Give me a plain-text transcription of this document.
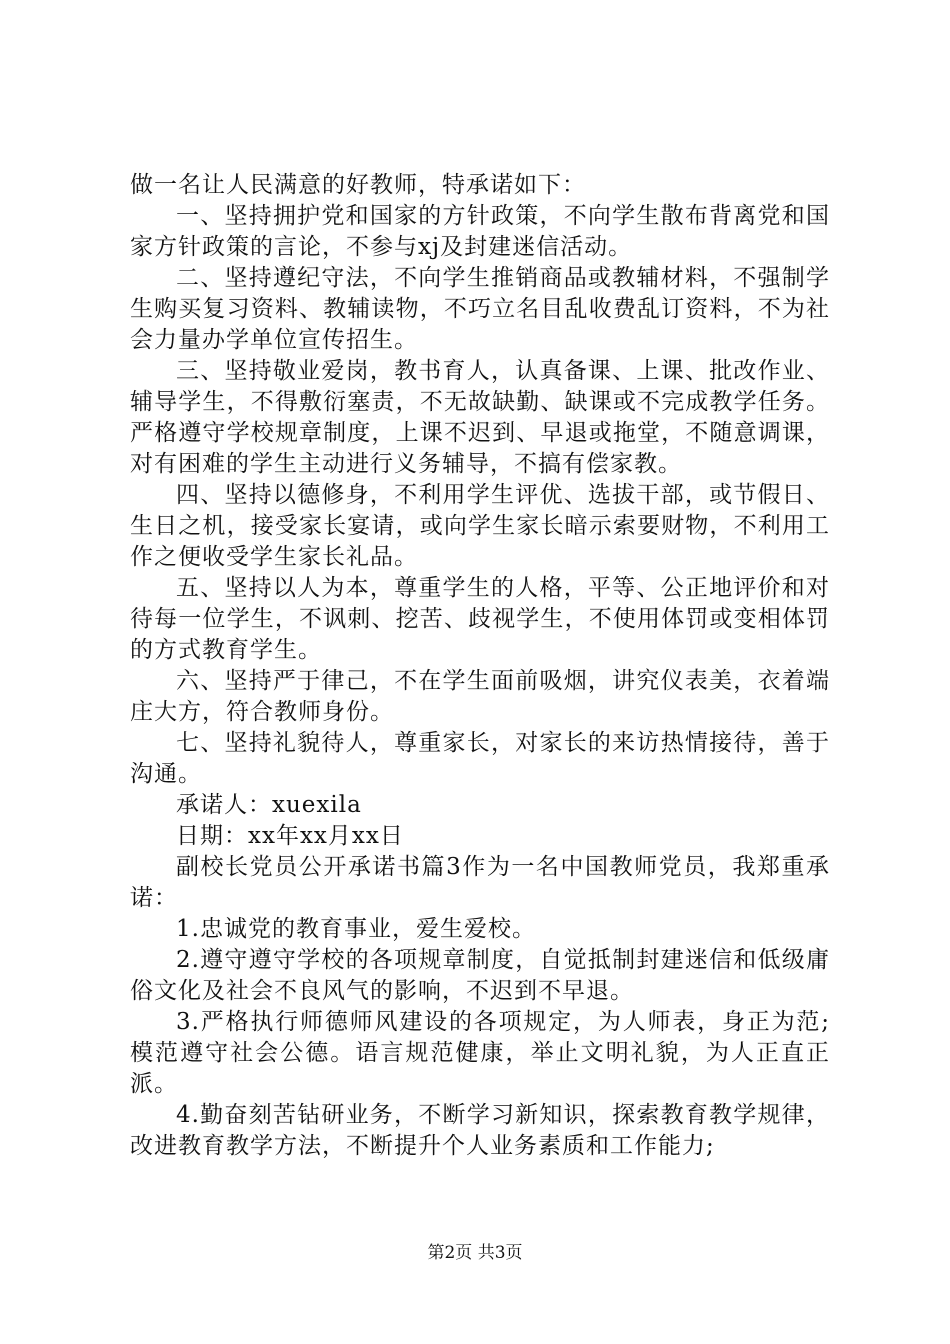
做一名让人民满意的好教师，特承诺如下：

一、坚持拥护党和国家的方针政策，不向学生散布背离党和国家方针政策的言论，不参与xj及封建迷信活动。

二、坚持遵纪守法，不向学生推销商品或教辅材料，不强制学生购买复习资料、教辅读物，不巧立名目乱收费乱订资料，不为社会力量办学单位宣传招生。

三、坚持敬业爱岗，教书育人，认真备课、上课、批改作业、辅导学生，不得敷衍塞责，不无故缺勤、缺课或不完成教学任务。严格遵守学校规章制度，上课不迟到、早退或拖堂，不随意调课，对有困难的学生主动进行义务辅导，不搞有偿家教。

四、坚持以德修身，不利用学生评优、选拔干部，或节假日、生日之机，接受家长宴请，或向学生家长暗示索要财物，不利用工作之便收受学生家长礼品。

五、坚持以人为本，尊重学生的人格，平等、公正地评价和对待每一位学生，不讽刺、挖苦、歧视学生，不使用体罚或变相体罚的方式教育学生。

六、坚持严于律己，不在学生面前吸烟，讲究仪表美，衣着端庄大方，符合教师身份。

七、坚持礼貌待人，尊重家长，对家长的来访热情接待，善于沟通。

承诺人：xuexila

日期：xx年xx月xx日

副校长党员公开承诺书篇3作为一名中国教师党员，我郑重承诺：

1.忠诚党的教育事业，爱生爱校。

2.遵守遵守学校的各项规章制度，自觉抵制封建迷信和低级庸俗文化及社会不良风气的影响，不迟到不早退。

3.严格执行师德师风建设的各项规定，为人师表，身正为范;模范遵守社会公德。语言规范健康，举止文明礼貌，为人正直正派。

4.勤奋刻苦钻研业务，不断学习新知识，探索教育教学规律，改进教育教学方法，不断提升个人业务素质和工作能力;

第2页 共3页
